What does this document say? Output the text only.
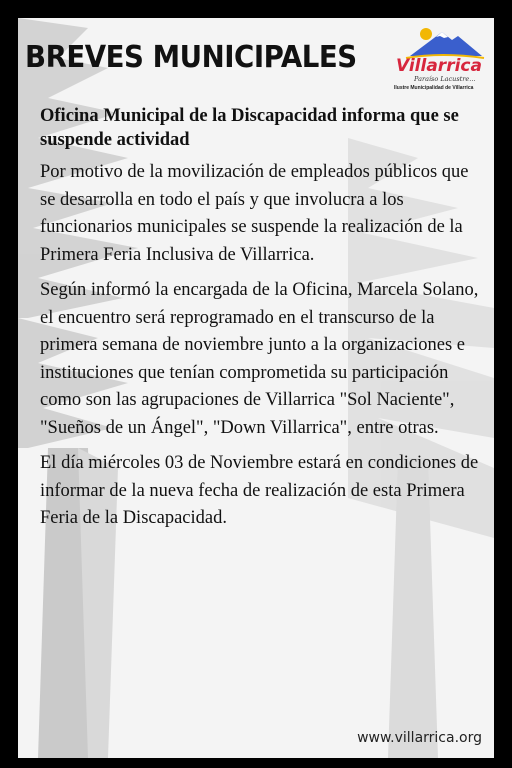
BREVES MUNICIPALES Villarrica
Paraíso Lacustre...
Ilustre Municipalidad de Villarrica

Oficina Municipal de la Discapacidad informa que se suspende actividad

Por motivo de la movilización de empleados públicos que se desarrolla en todo el país y que involucra a los funcionarios municipales se suspende la realización de la Primera Feria Inclusiva de Villarrica.

Según informó la encargada de la Oficina, Marcela Solano, el encuentro será reprogramado en el transcurso de la primera semana de noviembre junto a la organizaciones e instituciones que tenían comprometida su participación como son las agrupaciones de Villarrica "Sol Naciente", "Sueños de un Ángel", "Down Villarrica", entre otras.

El día miércoles 03 de Noviembre estará en condiciones de informar de la nueva fecha de realización de esta Primera Feria de la Discapacidad.

www.villarrica.org
